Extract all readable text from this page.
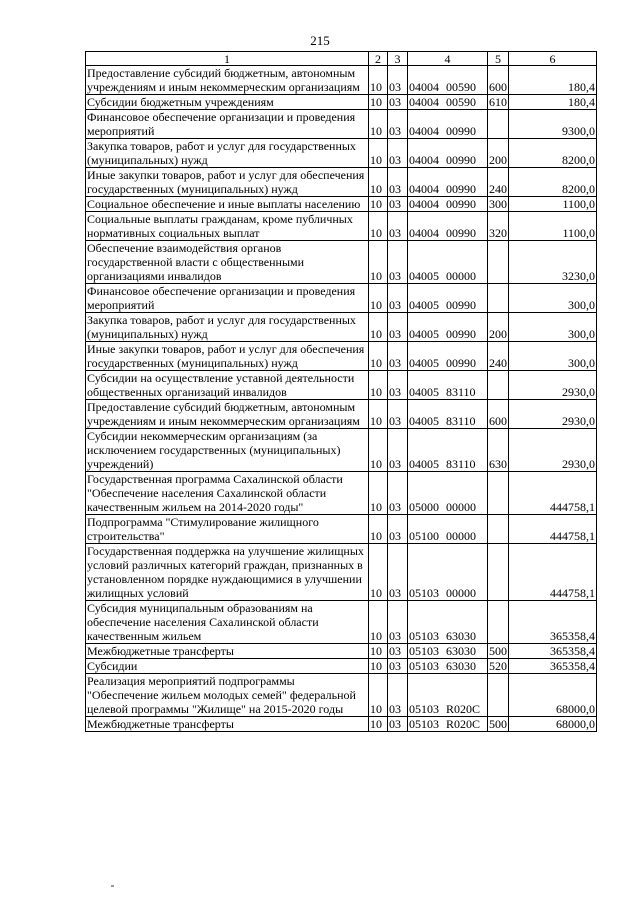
215
1	2	3	4	5	6
Предоставление субсидий бюджетным, автономным учреждениям и иным некоммерческим организациям	10	03	04004 00590	600	180,4
Субсидии бюджетным учреждениям	10	03	04004 00590	610	180,4
Финансовое обеспечение организации и проведения мероприятий	10	03	04004 00990		9300,0
Закупка товаров, работ и услуг для государственных (муниципальных) нужд	10	03	04004 00990	200	8200,0
Иные закупки товаров, работ и услуг для обеспечения государственных (муниципальных) нужд	10	03	04004 00990	240	8200,0
Социальное обеспечение и иные выплаты населению	10	03	04004 00990	300	1100,0
Социальные выплаты гражданам, кроме публичных нормативных социальных выплат	10	03	04004 00990	320	1100,0
Обеспечение взаимодействия органов государственной власти с общественными организациями инвалидов	10	03	04005 00000		3230,0
Финансовое обеспечение организации и проведения мероприятий	10	03	04005 00990		300,0
Закупка товаров, работ и услуг для государственных (муниципальных) нужд	10	03	04005 00990	200	300,0
Иные закупки товаров, работ и услуг для обеспечения государственных (муниципальных) нужд	10	03	04005 00990	240	300,0
Субсидии на осуществление уставной деятельности общественных организаций инвалидов	10	03	04005 83110		2930,0
Предоставление субсидий бюджетным, автономным учреждениям и иным некоммерческим организациям	10	03	04005 83110	600	2930,0
Субсидии некоммерческим организациям (за исключением государственных (муниципальных) учреждений)	10	03	04005 83110	630	2930,0
Государственная программа Сахалинской области "Обеспечение населения Сахалинской области качественным жильем на 2014-2020 годы"	10	03	05000 00000		444758,1
Подпрограмма "Стимулирование жилищного строительства"	10	03	05100 00000		444758,1
Государственная поддержка на улучшение жилищных условий различных категорий граждан, признанных в установленном порядке нуждающимися в улучшении жилищных условий	10	03	05103 00000		444758,1
Субсидия муниципальным образованиям на обеспечение населения Сахалинской области качественным жильем	10	03	05103 63030		365358,4
Межбюджетные трансферты	10	03	05103 63030	500	365358,4
Субсидии	10	03	05103 63030	520	365358,4
Реализация мероприятий подпрограммы "Обеспечение жильем молодых семей" федеральной целевой программы "Жилище" на 2015-2020 годы	10	03	05103 R020C		68000,0
Межбюджетные трансферты	10	03	05103 R020C	500	68000,0
